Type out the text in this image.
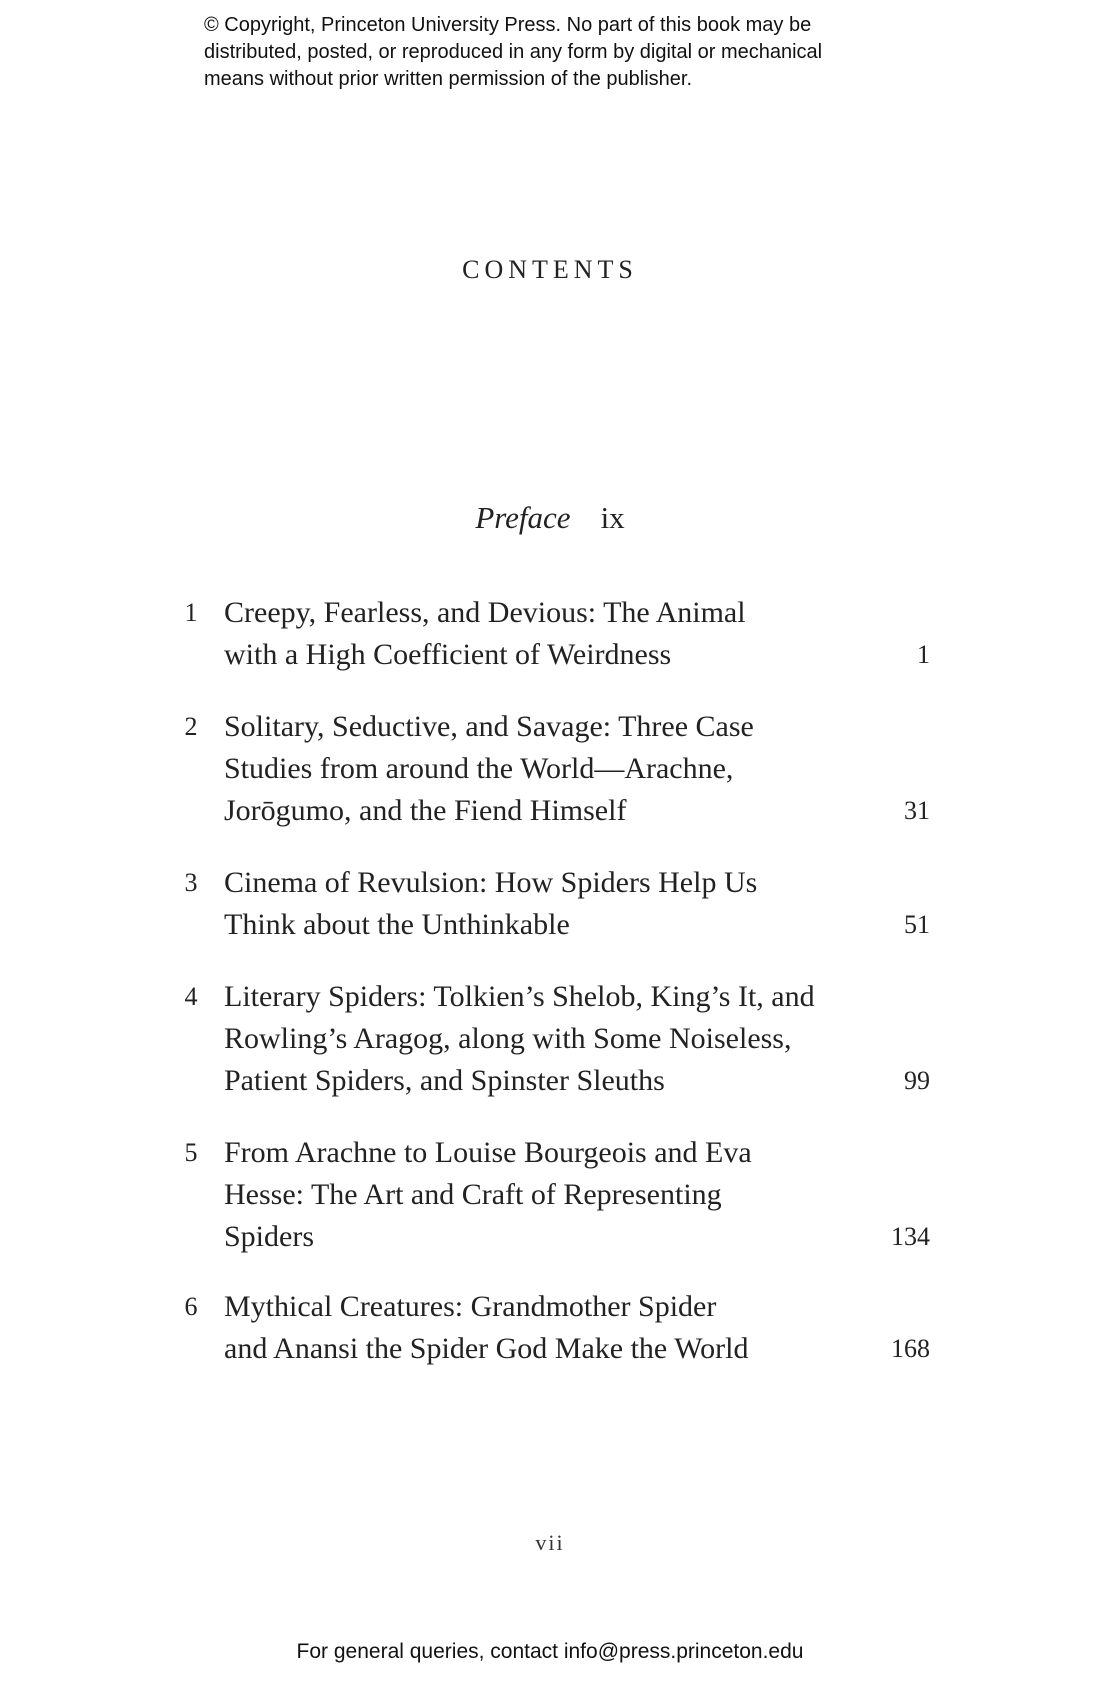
© Copyright, Princeton University Press. No part of this book may be
distributed, posted, or reproduced in any form by digital or mechanical
means without prior written permission of the publisher.
CONTENTS
Preface ix
1 Creepy, Fearless, and Devious: The Animal
with a High Coefficient of Weirdness	1
2 Solitary, Seductive, and Savage: Three Case
Studies from around the World—Arachne,
Jorōgumo, and the Fiend Himself	31
3 Cinema of Revulsion: How Spiders Help Us
Think about the Unthinkable	51
4 Literary Spiders: Tolkien’s Shelob, King’s It, and
Rowling’s Aragog, along with Some Noiseless,
Patient Spiders, and Spinster Sleuths	99
5 From Arachne to Louise Bourgeois and Eva
Hesse: The Art and Craft of Representing
Spiders	134
6 Mythical Creatures: Grandmother Spider
and Anansi the Spider God Make the World	168
vii
For general queries, contact info@press.princeton.edu
